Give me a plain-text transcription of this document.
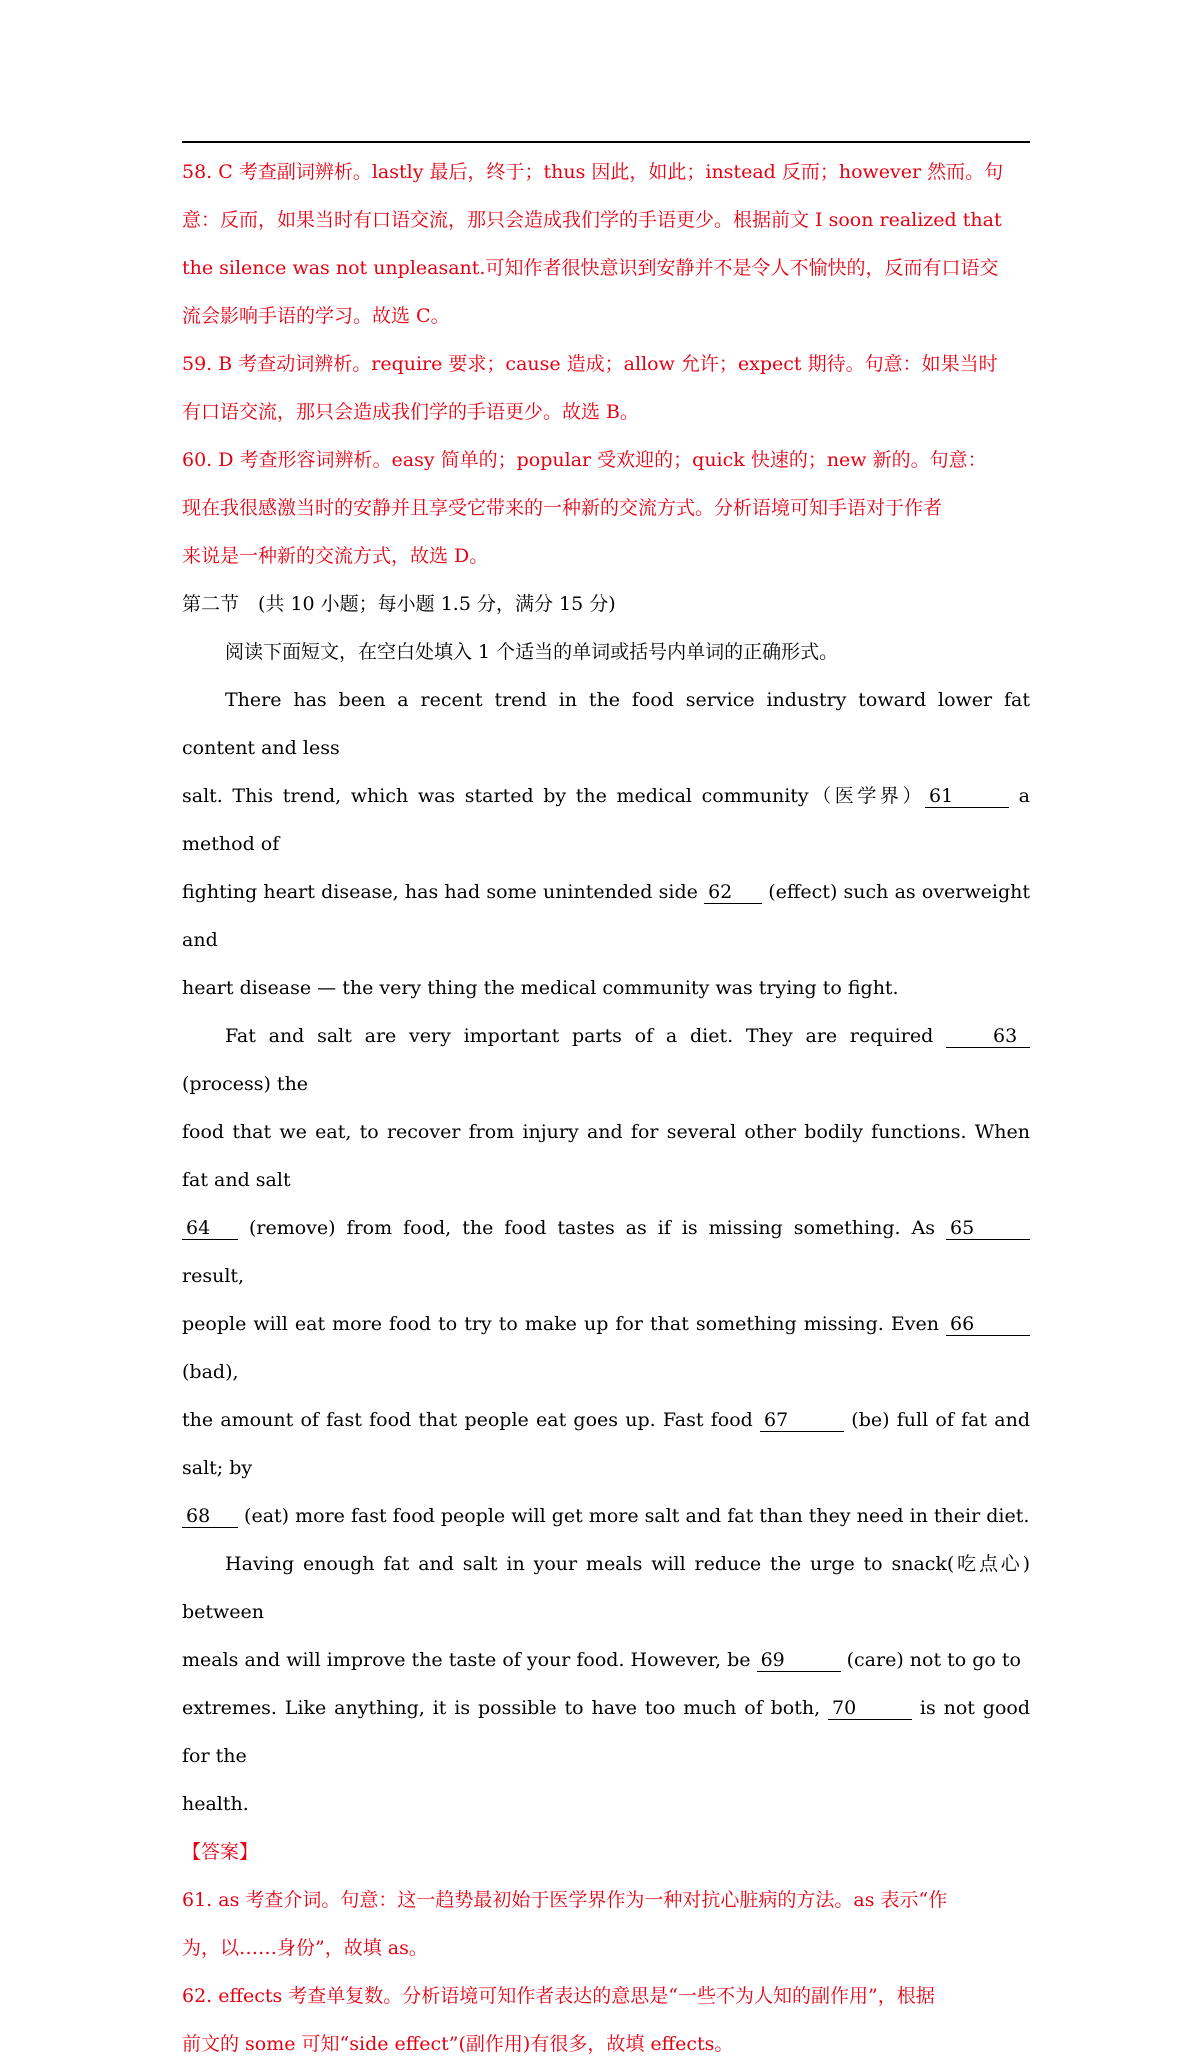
58. C 考查副词辨析。lastly 最后，终于；thus 因此，如此；instead 反而；however 然而。句

意：反而，如果当时有口语交流，那只会造成我们学的手语更少。根据前文 I soon realized that

the silence was not unpleasant.可知作者很快意识到安静并不是令人不愉快的，反而有口语交

流会影响手语的学习。故选 C。

59. B 考查动词辨析。require 要求；cause 造成；allow 允许；expect 期待。句意：如果当时

有口语交流，那只会造成我们学的手语更少。故选 B。

60. D 考查形容词辨析。easy 简单的；popular 受欢迎的；quick 快速的；new 新的。句意：

现在我很感激当时的安静并且享受它带来的一种新的交流方式。分析语境可知手语对于作者

来说是一种新的交流方式，故选 D。

第二节　(共 10 小题；每小题 1.5 分，满分 15 分)

阅读下面短文，在空白处填入 1 个适当的单词或括号内单词的正确形式。

There has been a recent trend in the food service industry toward lower fat content and less

salt. This trend, which was started by the medical community（医学界） 61	a method of

fighting heart disease, has had some unintended side 62 (effect) such as overweight and

heart disease — the very thing the medical community was trying to fight.

Fat and salt are very important parts of a diet. They are required	63 (process) the

food that we eat, to recover from injury and for several other bodily functions. When fat and salt

64 (remove) from food, the food tastes as if is missing something. As 65 result,

people will eat more food to try to make up for that something missing. Even 66 (bad),

the amount of fast food that people eat goes up. Fast food 67	(be) full of fat and salt; by

68 (eat) more fast food people will get more salt and fat than they need in their diet.

Having enough fat and salt in your meals will reduce the urge to snack(吃点心) between

meals and will improve the taste of your food. However, be 69	(care) not to go to

extremes. Like anything, it is possible to have too much of both, 70	is not good for the

health.

【答案】

61. as 考查介词。句意：这一趋势最初始于医学界作为一种对抗心脏病的方法。as 表示“作

为，以……身份”，故填 as。

62. effects 考查单复数。分析语境可知作者表达的意思是“一些不为人知的副作用”，根据

前文的 some 可知“side effect”(副作用)有很多，故填 effects。
